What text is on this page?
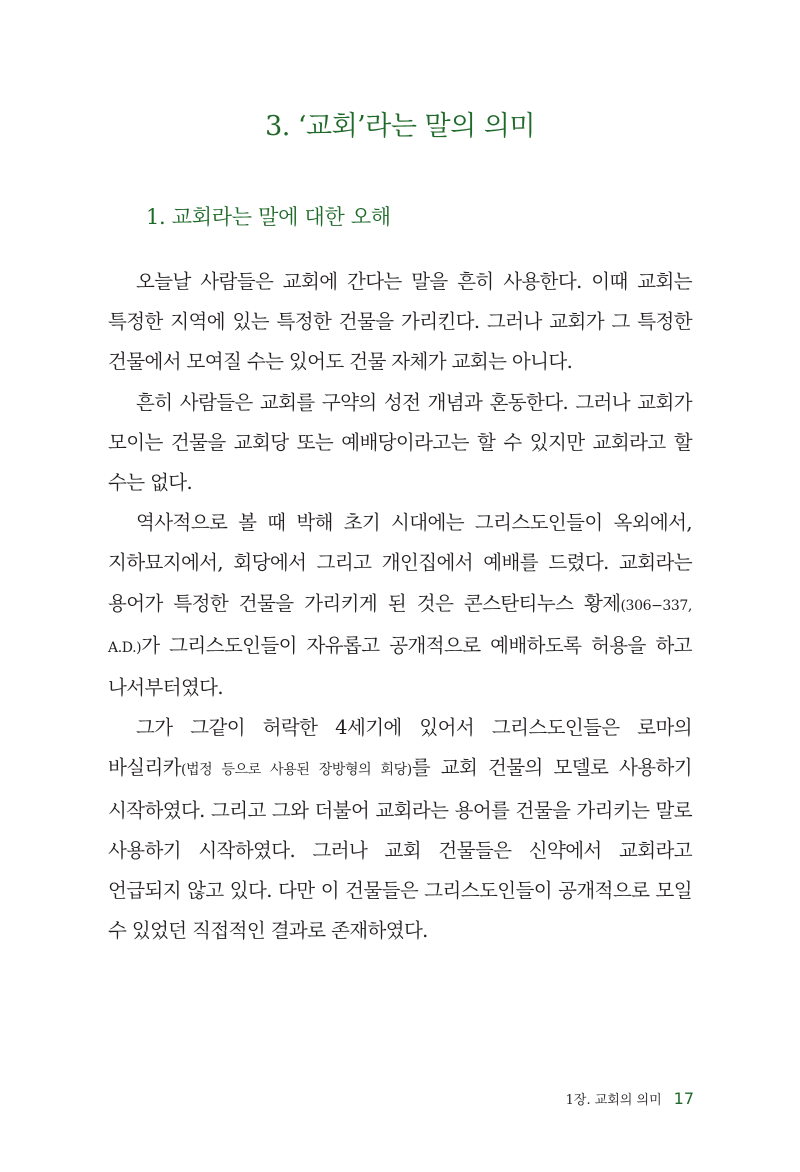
3. ‘교회’라는 말의 의미
1. 교회라는 말에 대한 오해

오늘날 사람들은 교회에 간다는 말을 흔히 사용한다. 이때 교회는 특정한 지역에 있는 특정한 건물을 가리킨다. 그러나 교회가 그 특정한 건물에서 모여질 수는 있어도 건물 자체가 교회는 아니다.

흔히 사람들은 교회를 구약의 성전 개념과 혼동한다. 그러나 교회가 모이는 건물을 교회당 또는 예배당이라고는 할 수 있지만 교회라고 할 수는 없다.

역사적으로 볼 때 박해 초기 시대에는 그리스도인들이 옥외에서, 지하묘지에서, 회당에서 그리고 개인집에서 예배를 드렸다. 교회라는 용어가 특정한 건물을 가리키게 된 것은 콘스탄티누스 황제(306−337, A.D.)가 그리스도인들이 자유롭고 공개적으로 예배하도록 허용을 하고 나서부터였다.

그가 그같이 허락한 4세기에 있어서 그리스도인들은 로마의 바실리카(법정 등으로 사용된 장방형의 회당)를 교회 건물의 모델로 사용하기 시작하였다. 그리고 그와 더불어 교회라는 용어를 건물을 가리키는 말로 사용하기 시작하였다. 그러나 교회 건물들은 신약에서 교회라고 언급되지 않고 있다. 다만 이 건물들은 그리스도인들이 공개적으로 모일 수 있었던 직접적인 결과로 존재하였다.

1장. 교회의 의미 17
